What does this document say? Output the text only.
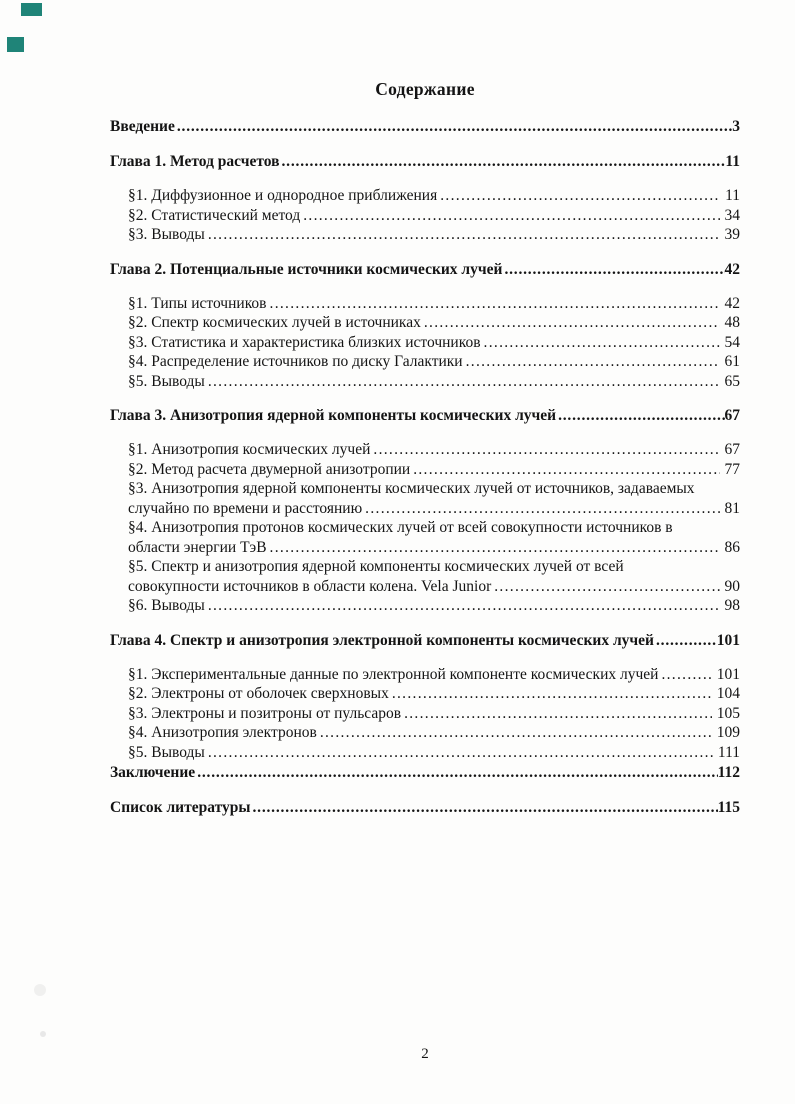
Содержание
Введение .....	3
Глава 1. Метод расчетов .....	11
§1. Диффузионное и однородное приближения .....	11
§2. Статистический метод .....	34
§3. Выводы .....	39
Глава 2. Потенциальные источники космических лучей .....	42
§1. Типы источников .....	42
§2. Спектр космических лучей в источниках .....	48
§3. Статистика и характеристика близких источников .....	54
§4. Распределение источников по диску Галактики .....	61
§5. Выводы .....	65
Глава 3. Анизотропия ядерной компоненты космических лучей .....	67
§1. Анизотропия космических лучей .....	67
§2. Метод расчета двумерной анизотропии .....	77
§3. Анизотропия ядерной компоненты космических лучей от источников, задаваемых
случайно по времени и расстоянию .....	81
§4. Анизотропия протонов космических лучей от всей совокупности источников в
области энергии ТэВ .....	86
§5. Спектр и анизотропия ядерной компоненты космических лучей от всей
совокупности источников в области колена. Vela Junior .....	90
§6. Выводы .....	98
Глава 4. Спектр и анизотропия электронной компоненты космических лучей .....	101
§1. Экспериментальные данные по электронной компоненте космических лучей .....	101
§2. Электроны от оболочек сверхновых .....	104
§3. Электроны и позитроны от пульсаров .....	105
§4. Анизотропия электронов .....	109
§5. Выводы .....	111
Заключение .....	112
Список литературы .....	115
2
